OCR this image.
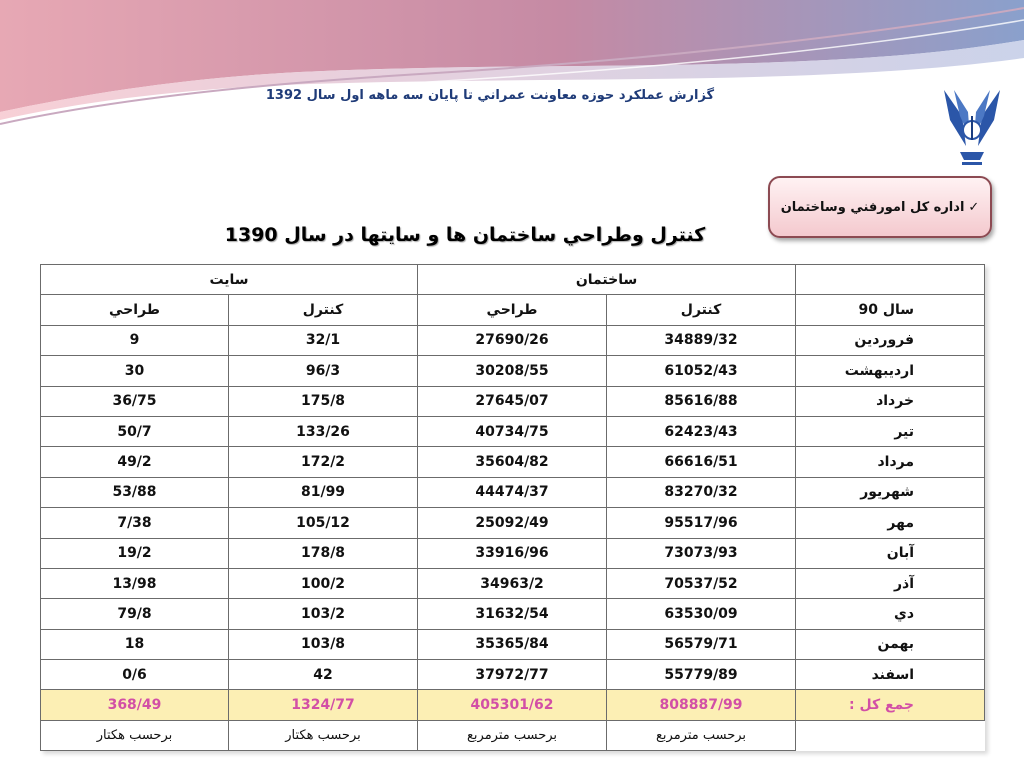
گزارش عملکرد حوزه معاونت عمراني تا پايان سه ماهه اول سال 1392
✓
اداره كل امورفني وساختمان
كنترل وطراحي ساختمان ها و سايتها در سال 1390
سايت		ساختمان		
طراحي	كنترل	طراحي	كنترل	سال 90
9	32/1	27690/26	34889/32	فروردين
30	96/3	30208/55	61052/43	ارديبهشت
36/75	175/8	27645/07	85616/88	خرداد
50/7	133/26	40734/75	62423/43	تير
49/2	172/2	35604/82	66616/51	مرداد
53/88	81/99	44474/37	83270/32	شهريور
7/38	105/12	25092/49	95517/96	مهر
19/2	178/8	33916/96	73073/93	آبان
13/98	100/2	34963/2	70537/52	آذر
79/8	103/2	31632/54	63530/09	دي
18	103/8	35365/84	56579/71	بهمن
0/6	42	37972/77	55779/89	اسفند
368/49	1324/77	405301/62	808887/99	جمع كل :
برحسب هكتار	برحسب هكتار	برحسب مترمربع	برحسب مترمربع	
